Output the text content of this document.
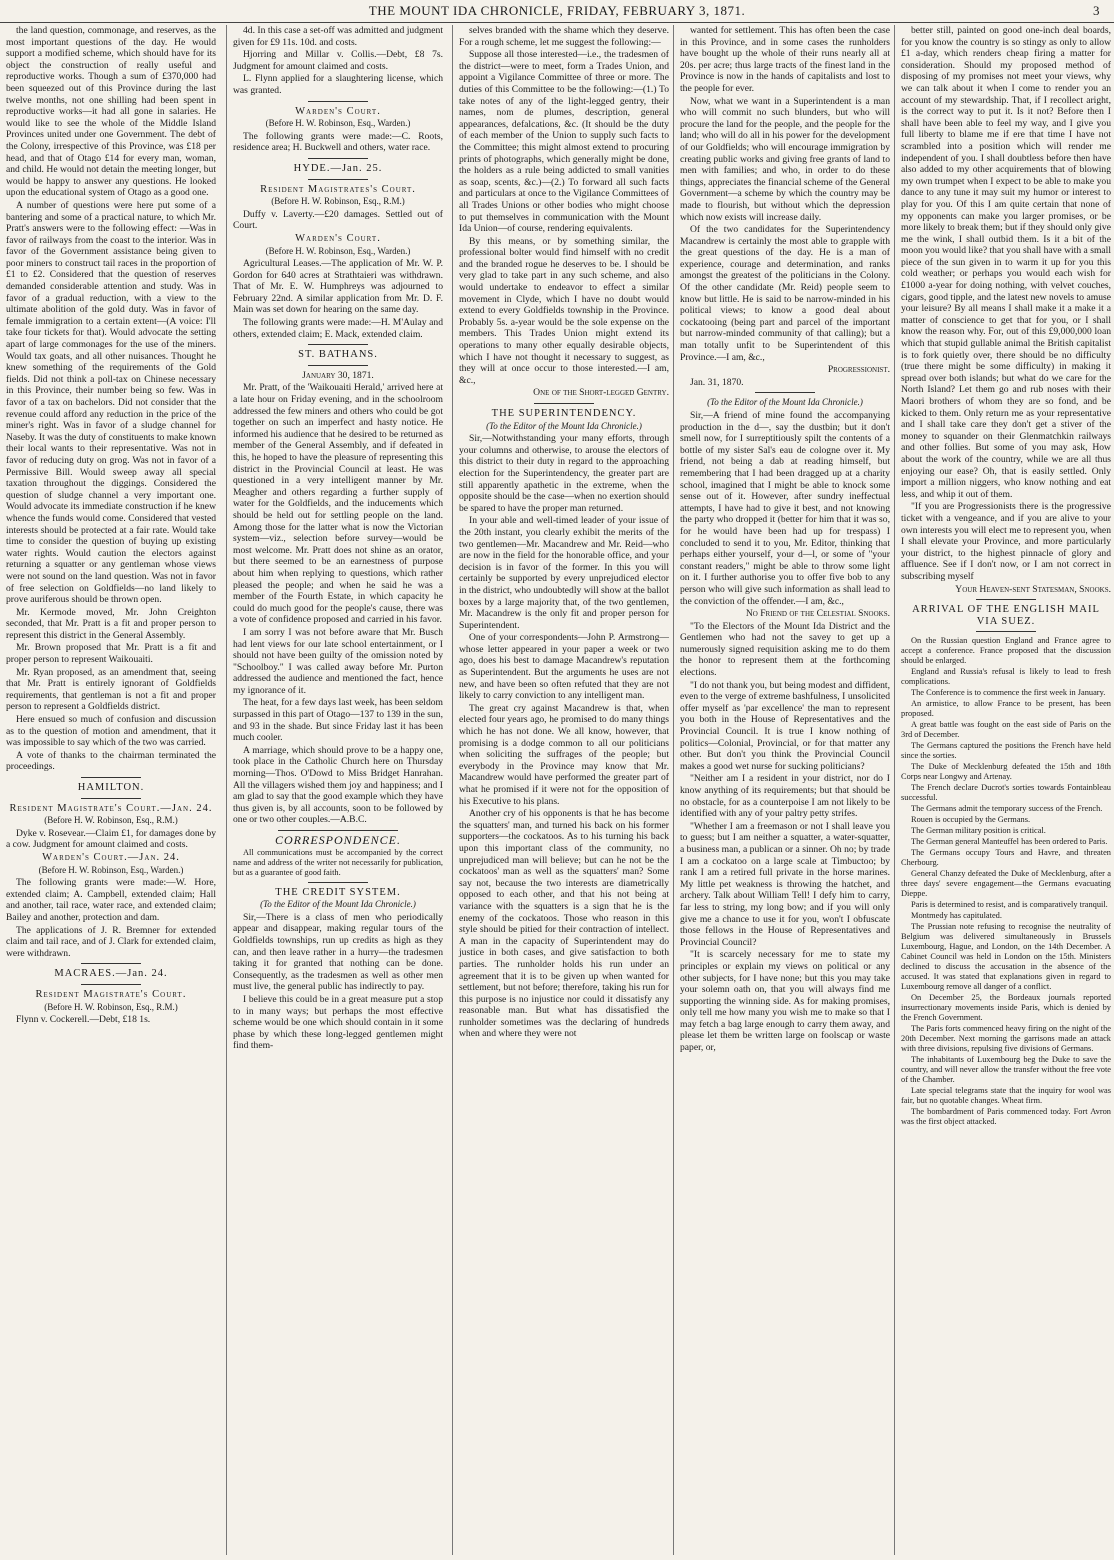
THE MOUNT IDA CHRONICLE, FRIDAY, FEBRUARY 3, 1871.	3

the land question, commonage, and reserves, as the most important questions of the day. He would support a modified scheme, which should have for its object the construction of really useful and reproductive works. Though a sum of £370,000 had been squeezed out of this Province during the last twelve months, not one shilling had been spent in reproductive works—it had all gone in salaries. He would like to see the whole of the Middle Island Provinces united under one Government. The debt of the Colony, irrespective of this Province, was £18 per head, and that of Otago £14 for every man, woman, and child. He would not detain the meeting longer, but would be happy to answer any questions. He looked upon the educational system of Otago as a good one.

A number of questions were here put some of a bantering and some of a practical nature, to which Mr. Pratt's answers were to the following effect: —Was in favor of railways from the coast to the interior. Was in favor of the Government assistance being given to poor miners to construct tail races in the proportion of £1 to £2. Considered that the question of reserves demanded considerable attention and study. Was in favor of a gradual reduction, with a view to the ultimate abolition of the gold duty. Was in favor of female immigration to a certain extent—(A voice: I'll take four tickets for that). Would advocate the setting apart of large commonages for the use of the miners. Would tax goats, and all other nuisances. Thought he knew something of the requirements of the Gold fields. Did not think a poll-tax on Chinese necessary in this Province, their number being so few. Was in favor of a tax on bachelors. Did not consider that the revenue could afford any reduction in the price of the miner's right. Was in favor of a sludge channel for Naseby. It was the duty of constituents to make known their local wants to their representative. Was not in favor of reducing duty on grog. Was not in favor of a Permissive Bill. Would sweep away all special taxation throughout the diggings. Considered the question of sludge channel a very important one. Would advocate its immediate construction if he knew whence the funds would come. Considered that vested interests should be protected at a fair rate. Would take time to consider the question of buying up existing water rights. Would caution the electors against returning a squatter or any gentleman whose views were not sound on the land question. Was not in favor of free selection on Goldfields—no land likely to prove auriferous should be thrown open.

Mr. Kermode moved, Mr. John Creighton seconded, that Mr. Pratt is a fit and proper person to represent this district in the General Assembly.

Mr. Brown proposed that Mr. Pratt is a fit and proper person to represent Waikouaiti.

Mr. Ryan proposed, as an amendment that, seeing that Mr. Pratt is entirely ignorant of Goldfields requirements, that gentleman is not a fit and proper person to represent a Goldfields district.

Here ensued so much of confusion and discussion as to the question of motion and amendment, that it was impossible to say which of the two was carried.

A vote of thanks to the chairman terminated the proceedings.

HAMILTON.

Resident Magistrate's Court.—Jan. 24.

(Before H. W. Robinson, Esq., R.M.)

Dyke v. Rosevear.—Claim £1, for damages done by a cow. Judgment for amount claimed and costs.

Warden's Court.—Jan. 24.

(Before H. W. Robinson, Esq., Warden.)

The following grants were made:—W. Hore, extended claim; A. Campbell, extended claim; Hall and another, tail race, water race, and extended claim; Bailey and another, protection and dam.

The applications of J. R. Bremner for extended claim and tail race, and of J. Clark for extended claim, were withdrawn.

MACRAES.—Jan. 24.

Resident Magistrate's Court.

(Before H. W. Robinson, Esq., R.M.)

Flynn v. Cockerell.—Debt, £18 1s.

4d. In this case a set-off was admitted and judgment given for £9 11s. 10d. and costs.

Hjorring and Millar v. Collis.—Debt, £8 7s. Judgment for amount claimed and costs.

L. Flynn applied for a slaughtering license, which was granted.

Warden's Court.

(Before H. W. Robinson, Esq., Warden.)

The following grants were made:—C. Roots, residence area; H. Buckwell and others, water race.

HYDE.—Jan. 25.

Resident Magistrates's Court.

(Before H. W. Robinson, Esq., R.M.)

Duffy v. Laverty.—£20 damages. Settled out of Court.

Warden's Court.

(Before H. W. Robinson, Esq., Warden.)

Agricultural Leases.—The application of Mr. W. P. Gordon for 640 acres at Strathtaieri was withdrawn. That of Mr. E. W. Humphreys was adjourned to February 22nd. A similar application from Mr. D. F. Main was set down for hearing on the same day.

The following grants were made:—H. M'Aulay and others, extended claim; E. Mack, extended claim.

ST. BATHANS.

January 30, 1871.

Mr. Pratt, of the 'Waikouaiti Herald,' arrived here at a late hour on Friday evening, and in the schoolroom addressed the few miners and others who could be got together on such an imperfect and hasty notice. He informed his audience that he desired to be returned as member of the General Assembly, and if defeated in this, he hoped to have the pleasure of representing this district in the Provincial Council at least. He was questioned in a very intelligent manner by Mr. Meagher and others regarding a further supply of water for the Goldfields, and the inducements which should be held out for settling people on the land. Among those for the latter what is now the Victorian system—viz., selection before survey—would be most welcome. Mr. Pratt does not shine as an orator, but there seemed to be an earnestness of purpose about him when replying to questions, which rather pleased the people; and when he said he was a member of the Fourth Estate, in which capacity he could do much good for the people's cause, there was a vote of confidence proposed and carried in his favor.

I am sorry I was not before aware that Mr. Busch had lent views for our late school entertainment, or I should not have been guilty of the omission noted by "Schoolboy." I was called away before Mr. Purton addressed the audience and mentioned the fact, hence my ignorance of it.

The heat, for a few days last week, has been seldom surpassed in this part of Otago—137 to 139 in the sun, and 93 in the shade. But since Friday last it has been much cooler.

A marriage, which should prove to be a happy one, took place in the Catholic Church here on Thursday morning—Thos. O'Dowd to Miss Bridget Hanrahan. All the villagers wished them joy and happiness; and I am glad to say that the good example which they have thus given is, by all accounts, soon to be followed by one or two other couples.—A.B.C.

CORRESPONDENCE.

All communications must be accompanied by the correct name and address of the writer not necessarily for publication, but as a guarantee of good faith.

THE CREDIT SYSTEM.

(To the Editor of the Mount Ida Chronicle.)

Sir,—There is a class of men who periodically appear and disappear, making regular tours of the Goldfields townships, run up credits as high as they can, and then leave rather in a hurry—the tradesmen taking it for granted that nothing can be done. Consequently, as the tradesmen as well as other men must live, the general public has indirectly to pay.

I believe this could be in a great measure put a stop to in many ways; but perhaps the most effective scheme would be one which should contain in it some phase by which these long-legged gentlemen might find them-

selves branded with the shame which they deserve. For a rough scheme, let me suggest the following:—

Suppose all those interested—i.e., the tradesmen of the district—were to meet, form a Trades Union, and appoint a Vigilance Committee of three or more. The duties of this Committee to be the following:—(1.) To take notes of any of the light-legged gentry, their names, nom de plumes, description, general appearances, defalcations, &c. (It should be the duty of each member of the Union to supply such facts to the Committee; this might almost extend to procuring prints of photographs, which generally might be done, the holders as a rule being addicted to small vanities as soap, scents, &c.)—(2.) To forward all such facts and particulars at once to the Vigilance Committees of all Trades Unions or other bodies who might choose to put themselves in communication with the Mount Ida Union—of course, rendering equivalents.

By this means, or by something similar, the professional bolter would find himself with no credit and the branded rogue he deserves to be. I should be very glad to take part in any such scheme, and also would undertake to endeavor to effect a similar movement in Clyde, which I have no doubt would extend to every Goldfields township in the Province. Probably 5s. a-year would be the sole expense on the members. This Trades Union might extend its operations to many other equally desirable objects, which I have not thought it necessary to suggest, as they will at once occur to those interested.—I am, &c.,

One of the Short-legged Gentry.

THE SUPERINTENDENCY.

(To the Editor of the Mount Ida Chronicle.)

Sir,—Notwithstanding your many efforts, through your columns and otherwise, to arouse the electors of this district to their duty in regard to the approaching election for the Superintendency, the greater part are still apparently apathetic in the extreme, when the opposite should be the case—when no exertion should be spared to have the proper man returned.

In your able and well-timed leader of your issue of the 20th instant, you clearly exhibit the merits of the two gentlemen—Mr. Macandrew and Mr. Reid—who are now in the field for the honorable office, and your decision is in favor of the former. In this you will certainly be supported by every unprejudiced elector in the district, who undoubtedly will show at the ballot boxes by a large majority that, of the two gentlemen, Mr. Macandrew is the only fit and proper person for Superintendent.

One of your correspondents—John P. Armstrong—whose letter appeared in your paper a week or two ago, does his best to damage Macandrew's reputation as Superintendent. But the arguments he uses are not new, and have been so often refuted that they are not likely to carry conviction to any intelligent man.

The great cry against Macandrew is that, when elected four years ago, he promised to do many things which he has not done. We all know, however, that promising is a dodge common to all our politicians when soliciting the suffrages of the people; but everybody in the Province may know that Mr. Macandrew would have performed the greater part of what he promised if it were not for the opposition of his Executive to his plans.

Another cry of his opponents is that he has become the squatters' man, and turned his back on his former supporters—the cockatoos. As to his turning his back upon this important class of the community, no unprejudiced man will believe; but can he not be the cockatoos' man as well as the squatters' man? Some say not, because the two interests are diametrically opposed to each other, and that his not being at variance with the squatters is a sign that he is the enemy of the cockatoos. Those who reason in this style should be pitied for their contraction of intellect. A man in the capacity of Superintendent may do justice in both cases, and give satisfaction to both parties. The runholder holds his run under an agreement that it is to be given up when wanted for settlement, but not before; therefore, taking his run for this purpose is no injustice nor could it dissatisfy any reasonable man. But what has dissatisfied the runholder sometimes was the declaring of hundreds when and where they were not

wanted for settlement. This has often been the case in this Province, and in some cases the runholders have bought up the whole of their runs nearly all at 20s. per acre; thus large tracts of the finest land in the Province is now in the hands of capitalists and lost to the people for ever.

Now, what we want in a Superintendent is a man who will commit no such blunders, but who will procure the land for the people, and the people for the land; who will do all in his power for the development of our Goldfields; who will encourage immigration by creating public works and giving free grants of land to men with families; and who, in order to do these things, appreciates the financial scheme of the General Government—a scheme by which the country may be made to flourish, but without which the depression which now exists will increase daily.

Of the two candidates for the Superintendency Macandrew is certainly the most able to grapple with the great questions of the day. He is a man of experience, courage and determination, and ranks amongst the greatest of the politicians in the Colony. Of the other candidate (Mr. Reid) people seem to know but little. He is said to be narrow-minded in his political views; to know a good deal about cockatooing (being part and parcel of the important but narrow-minded community of that calling); but a man totally unfit to be Superintendent of this Province.—I am, &c.,

Progressionist.

Jan. 31, 1870.

(To the Editor of the Mount Ida Chronicle.)

Sir,—A friend of mine found the accompanying production in the d—, say the dustbin; but it don't smell now, for I surreptitiously spilt the contents of a bottle of my sister Sal's eau de cologne over it. My friend, not being a dab at reading himself, but remembering that I had been dragged up at a charity school, imagined that I might be able to knock some sense out of it. However, after sundry ineffectual attempts, I have had to give it best, and not knowing the party who dropped it (better for him that it was so, for he would have been had up for trespass) I concluded to send it to you, Mr. Editor, thinking that perhaps either yourself, your d—l, or some of "your constant readers," might be able to throw some light on it. I further authorise you to offer five bob to any person who will give such information as shall lead to the conviction of the offender.—I am, &c.,

No Friend of the Celestial Snooks.

"To the Electors of the Mount Ida District and the Gentlemen who had not the savey to get up a numerously signed requisition asking me to do them the honor to represent them at the forthcoming elections.

"I do not thank you, but being modest and diffident, even to the verge of extreme bashfulness, I unsolicited offer myself as 'par excellence' the man to represent you both in the House of Representatives and the Provincial Council. It is true I know nothing of politics—Colonial, Provincial, or for that matter any other. But don't you think the Provincial Council makes a good wet nurse for sucking politicians?

"Neither am I a resident in your district, nor do I know anything of its requirements; but that should be no obstacle, for as a counterpoise I am not likely to be identified with any of your paltry petty strifes.

"Whether I am a freemason or not I shall leave you to guess; but I am neither a squatter, a water-squatter, a business man, a publican or a sinner. Oh no; by trade I am a cockatoo on a large scale at Timbuctoo; by rank I am a retired full private in the horse marines. My little pet weakness is throwing the hatchet, and archery. Talk about William Tell! I defy him to carry, far less to string, my long bow; and if you will only give me a chance to use it for you, won't I obfuscate those fellows in the House of Representatives and Provincial Council?

"It is scarcely necessary for me to state my principles or explain my views on political or any other subjects, for I have none; but this you may take your solemn oath on, that you will always find me supporting the winning side. As for making promises, only tell me how many you wish me to make so that I may fetch a bag large enough to carry them away, and please let them be written large on foolscap or waste paper, or,

better still, painted on good one-inch deal boards, for you know the country is so stingy as only to allow £1 a-day, which renders cheap firing a matter for consideration. Should my proposed method of disposing of my promises not meet your views, why we can talk about it when I come to render you an account of my stewardship. That, if I recollect aright, is the correct way to put it. Is it not? Before then I shall have been able to feel my way, and I give you full liberty to blame me if ere that time I have not scrambled into a position which will render me independent of you. I shall doubtless before then have also added to my other acquirements that of blowing my own trumpet when I expect to be able to make you dance to any tune it may suit my humor or interest to play for you. Of this I am quite certain that none of my opponents can make you larger promises, or be more likely to break them; but if they should only give me the wink, I shall outbid them. Is it a bit of the moon you would like? that you shall have with a small piece of the sun given in to warm it up for you this cold weather; or perhaps you would each wish for £1000 a-year for doing nothing, with velvet couches, cigars, good tipple, and the latest new novels to amuse your leisure? By all means I shall make it a make it a matter of conscience to get that for you, or I shall know the reason why. For, out of this £9,000,000 loan which that stupid gullable animal the British capitalist is to fork quietly over, there should be no difficulty (true there might be some difficulty) in making it spread over both islands; but what do we care for the North Island? Let them go and rub noses with their Maori brothers of whom they are so fond, and be kicked to them. Only return me as your representative and I shall take care they don't get a stiver of the money to squander on their Glenmatchkin railways and other follies. But some of you may ask, How about the work of the country, while we are all thus enjoying our ease? Oh, that is easily settled. Only import a million niggers, who know nothing and eat less, and whip it out of them.

"If you are Progressionists there is the progressive ticket with a vengeance, and if you are alive to your own interests you will elect me to represent you, when I shall elevate your Province, and more particularly your district, to the highest pinnacle of glory and affluence. See if I don't now, or I am not correct in subscribing myself

Your Heaven-sent Statesman, Snooks.

ARRIVAL OF THE ENGLISH MAIL VIA SUEZ.

On the Russian question England and France agree to accept a conference. France proposed that the discussion should be enlarged.

England and Russia's refusal is likely to lead to fresh complications.

The Conference is to commence the first week in January.

An armistice, to allow France to be present, has been proposed.

A great battle was fought on the east side of Paris on the 3rd of December.

The Germans captured the positions the French have held since the sorties.

The Duke of Mecklenburg defeated the 15th and 18th Corps near Longwy and Artenay.

The French declare Ducrot's sorties towards Fontainbleau successful.

The Germans admit the temporary success of the French.

Rouen is occupied by the Germans.

The German military position is critical.

The German general Manteuffel has been ordered to Paris.

The Germans occupy Tours and Havre, and threaten Cherbourg.

General Chanzy defeated the Duke of Mecklenburg, after a three days' severe engagement—the Germans evacuating Dieppe.

Paris is determined to resist, and is comparatively tranquil.

Montmedy has capitulated.

The Prussian note refusing to recognise the neutrality of Belgium was delivered simultaneously in Brussels Luxembourg, Hague, and London, on the 14th December. A Cabinet Council was held in London on the 15th. Ministers declined to discuss the accusation in the absence of the accused. It was stated that explanations given in regard to Luxembourg remove all danger of a conflict.

On December 25, the Bordeaux journals reported insurrectionary movements inside Paris, which is denied by the French Government.

The Paris forts commenced heavy firing on the night of the 20th December. Next morning the garrisons made an attack with three divisions, repulsing five divisions of Germans.

The inhabitants of Luxembourg beg the Duke to save the country, and will never allow the transfer without the free vote of the Chamber.

Late special telegrams state that the inquiry for wool was fair, but no quotable changes. Wheat firm.

The bombardment of Paris commenced today. Fort Avron was the first object attacked.
